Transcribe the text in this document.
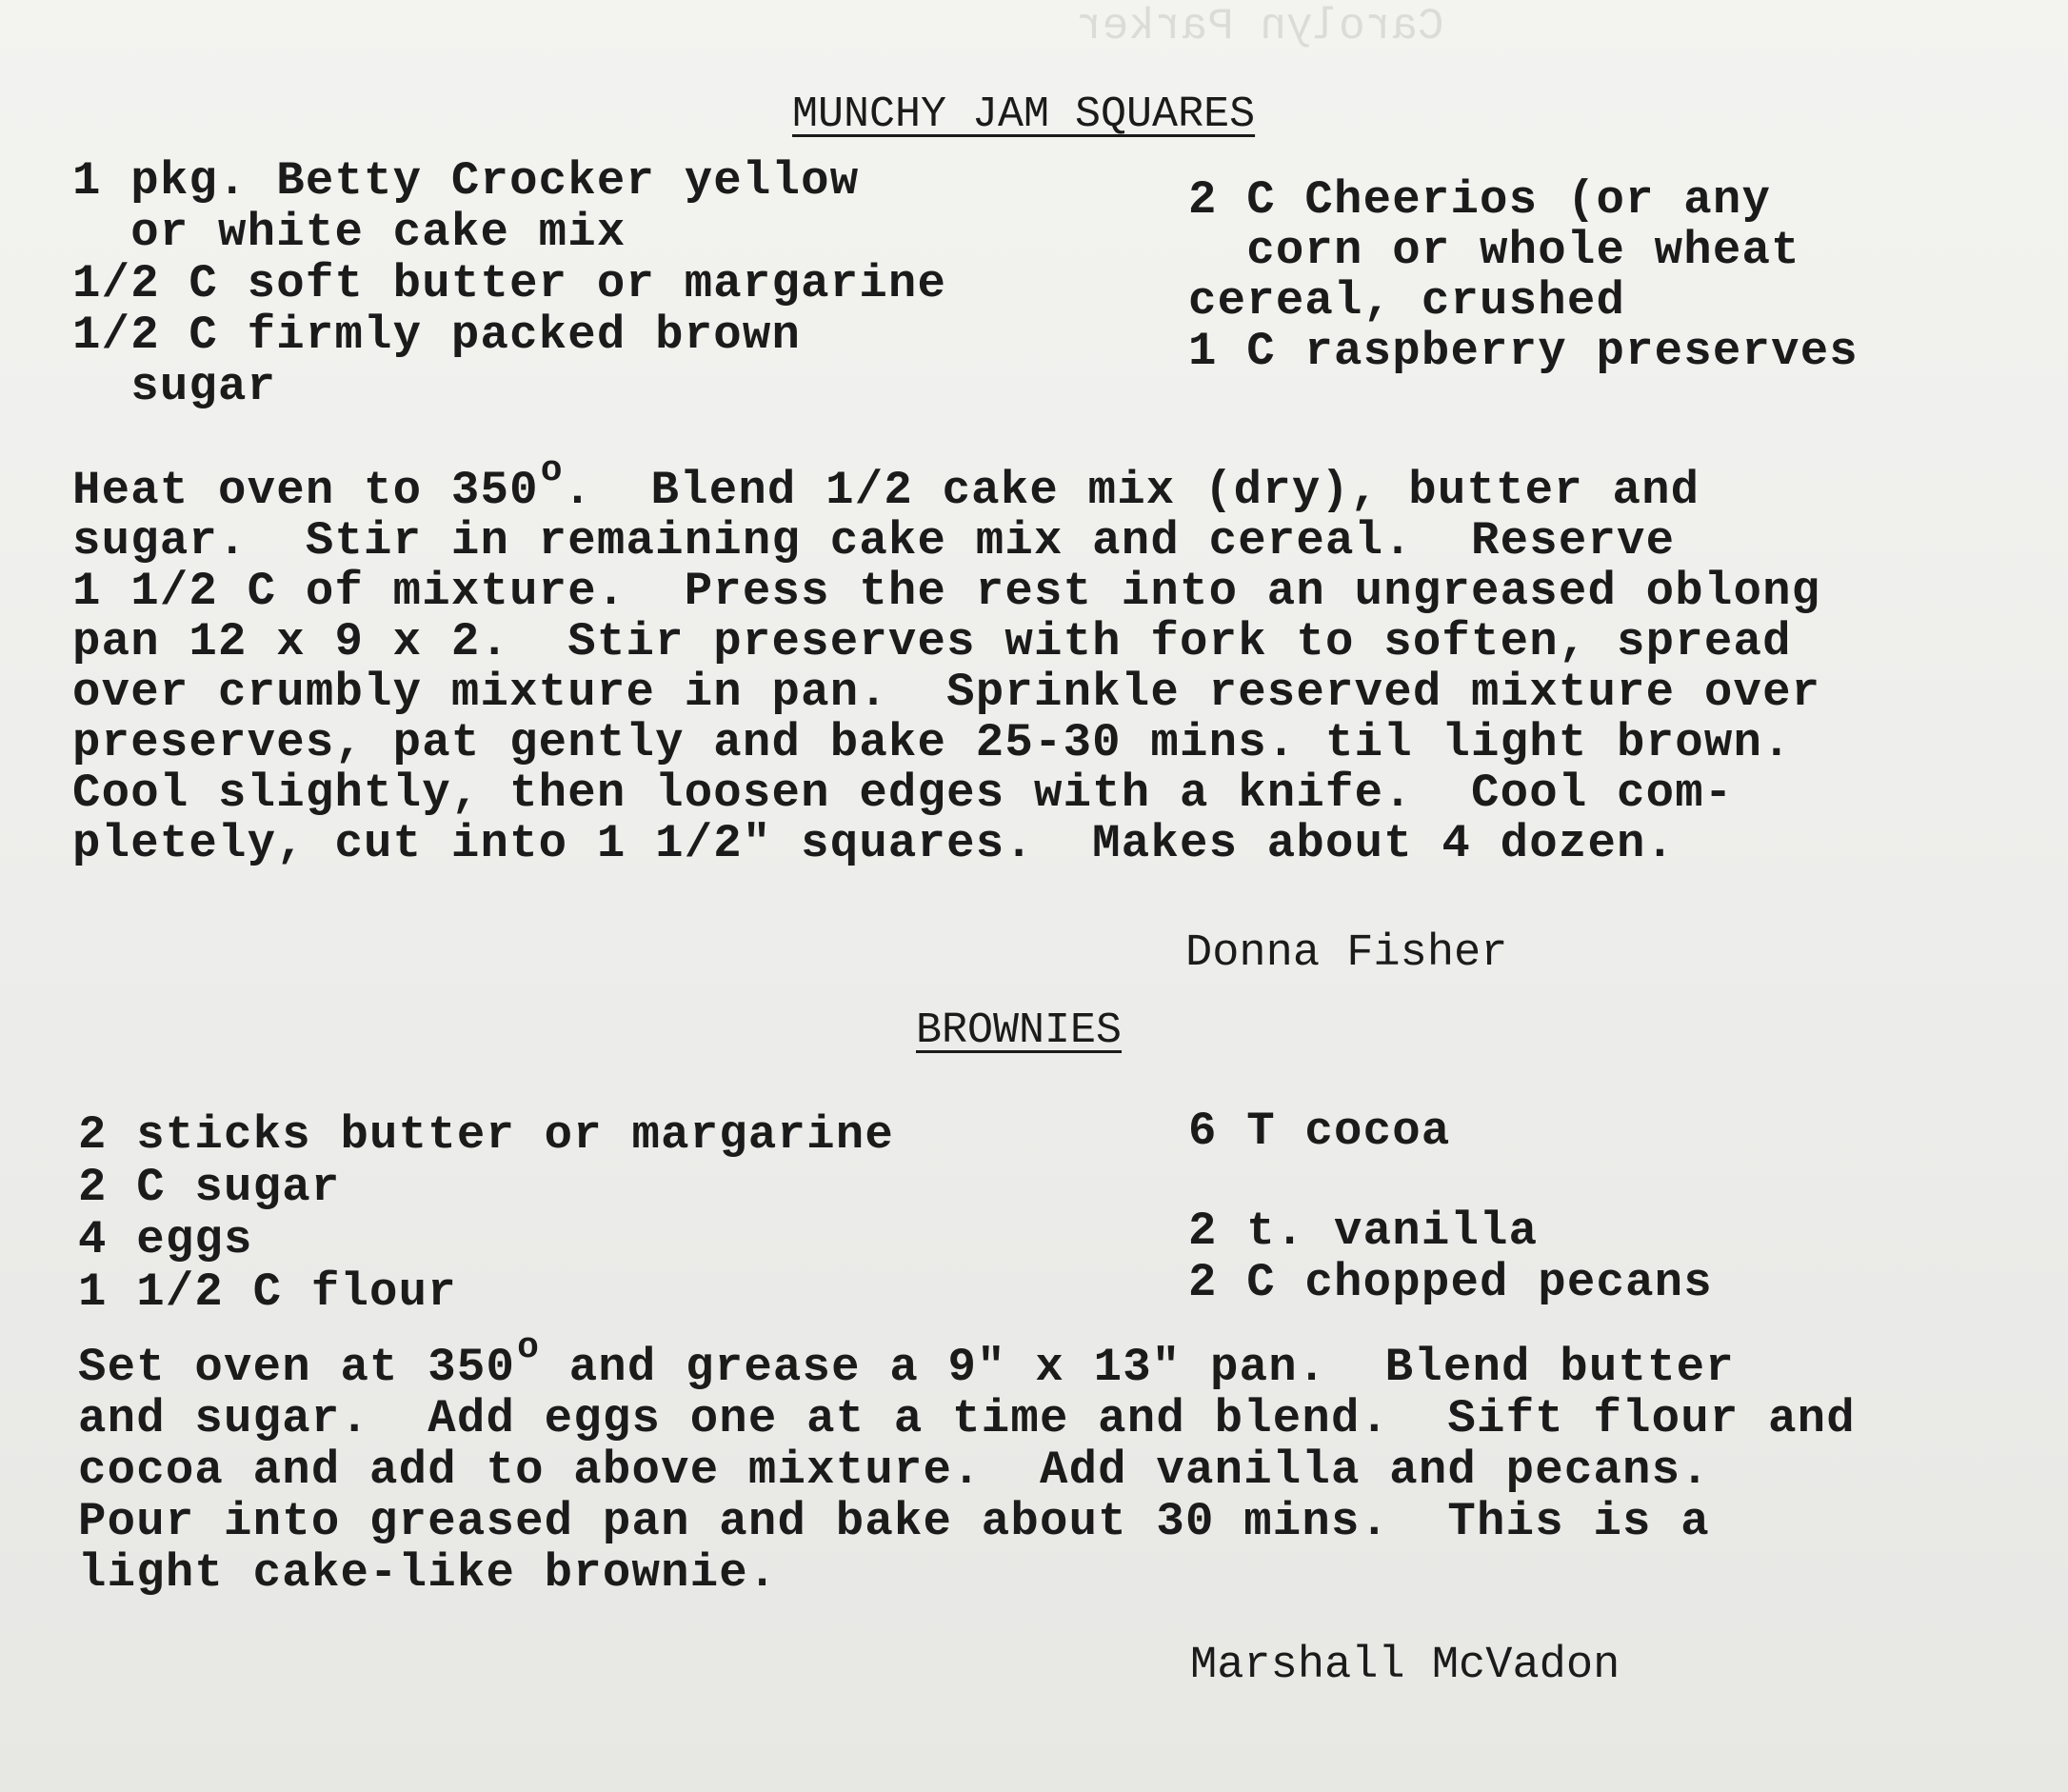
Carolyn Parker
MUNCHY JAM SQUARES
1 pkg. Betty Crocker yellow
or white cake mix
1/2 C soft butter or margarine
1/2 C firmly packed brown
sugar
2 C Cheerios (or any
corn or whole wheat
cereal, crushed
1 C raspberry preserves
Heat oven to 350$^o$.  Blend 1/2 cake mix (dry), butter and
sugar.  Stir in remaining cake mix and cereal.  Reserve
1 1/2 C of mixture.  Press the rest into an ungreased oblong
pan 12 x 9 x 2.  Stir preserves with fork to soften, spread
over crumbly mixture in pan.  Sprinkle reserved mixture over
preserves, pat gently and bake 25-30 mins. til light brown.
Cool slightly, then loosen edges with a knife.  Cool com-
pletely, cut into 1 1/2" squares.  Makes about 4 dozen.
Donna Fisher
BROWNIES
2 sticks butter or margarine
2 C sugar
4 eggs
1 1/2 C flour
6 T cocoa
2 t. vanilla
2 C chopped pecans
Set oven at 350$^o$ and grease a 9" x 13" pan.  Blend butter
and sugar.  Add eggs one at a time and blend.  Sift flour and
cocoa and add to above mixture.  Add vanilla and pecans.
Pour into greased pan and bake about 30 mins.  This is a
light cake-like brownie.
Marshall McVadon
